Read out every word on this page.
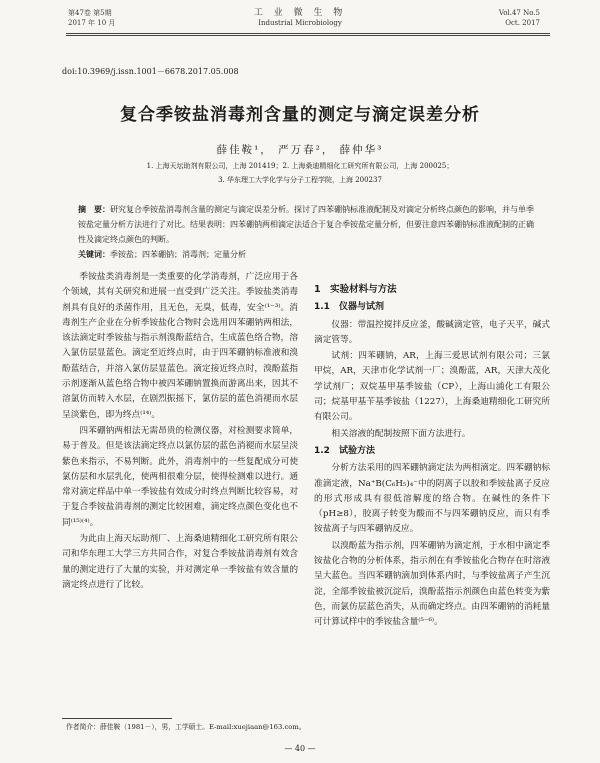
第47卷 第5期
2017 年 10 月
工 业 微 生 物
Industrial Microbiology
Vol.47 No.5
Oct. 2017
doi:10.3969/j.issn.1001－6678.2017.05.008
复合季铵盐消毒剂含量的测定与滴定误差分析
薛佳鞍¹， 严万春²， 薛仲华³
1. 上海天坛助剂有限公司，上海 201419；2. 上海桑迪精细化工研究所有限公司，上海 200025；
3. 华东理工大学化学与分子工程学院，上海 200237
摘　要：研究复合季铵盐消毒剂含量的测定与滴定误差分析。探讨了四苯硼钠标准液配制及对滴定分析终点颜色的影响，并与单季铵盐定量分析方法进行了对比。结果表明：四苯硼钠两相滴定法适合于复合季铵盐定量分析，但要注意四苯硼钠标准液配制的正确性及滴定终点颜色的判断。
关键词：季铵盐；四苯硼钠；消毒剂；定量分析

季铵盐类消毒剂是一类重要的化学消毒剂，广泛应用于各个领域，其有关研究和进展一直受到广泛关注。季铵盐类消毒剂具有良好的杀菌作用，且无色，无臭，低毒，安全⁽¹⁻³⁾。消毒剂生产企业在分析季铵盐化合物时会选用四苯硼钠两相法，该法滴定时季铵盐与指示剂溴酚蓝结合，生成蓝色络合物，溶入氯仿层显蓝色。滴定至近终点时，由于四苯硼钠标准液和溴酚蓝结合，并溶入氯仿层显蓝色。滴定接近终点时，溴酚蓝指示剂逐渐从蓝色络合物中被四苯硼钠置换而游离出来，因其不溶氯仿而转入水层，在剧烈振摇下，氯仿层的蓝色消褪而水层呈淡紫色，即为终点⁽¹⁴⁾。

四苯硼钠两相法无需昂贵的检测仪器，对检测要求简单，易于普及。但是该法滴定终点以氯仿层的蓝色消褪而水层呈淡紫色来指示，不易判断。此外，消毒剂中的一些复配成分可使氯仿层和水层乳化，使两相很难分层，使得检测难以进行。通常对滴定样品中单一季铵盐有效成分时终点判断比较容易，对于复合季铵盐消毒剂的测定比较困难，滴定终点颜色变化也不同⁽¹⁵⁾⁽⁴⁾。

为此由上海天坛助剂厂、上海桑迪精细化工研究所有限公司和华东理工大学三方共同合作，对复合季铵盐消毒剂有效含量的测定进行了大量的实验，并对测定单一季铵盐有效含量的滴定终点进行了比较。

1　实验材料与方法
1.1　仪器与试剂

仪器：带温控搅拌反应釜，酸碱滴定管，电子天平，碱式滴定管等。

试剂：四苯硼钠，AR，上海三爱思试剂有限公司；三氯甲烷，AR，天津市化学试剂一厂；溴酚蓝，AR，天津大茂化学试剂厂；双烷基甲基季铵盐（CP），上海山浦化工有限公司；烷基甲基苄基季铵盐（1227），上海桑迪精细化工研究所有限公司。

相关溶液的配制按照下面方法进行。

1.2　试验方法

分析方法采用的四苯硼钠滴定法为两相滴定。四苯硼钠标准滴定液，Na⁺B(C₆H₅)₄⁻中的阴离子以胶和季铵盐离子反应的形式形成具有很低溶解度的络合物。在碱性的条件下（pH≥8），胶离子转变为酸而不与四苯硼钠反应，而只有季铵盐离子与四苯硼钠反应。

以溴酚蓝为指示剂，四苯硼钠为滴定剂，于水相中滴定季铵盐化合物的分析体系，指示剂在有季铵盐化合物存在时溶液呈大蓝色。当四苯硼钠滴加到体系内时，与季铵盐离子产生沉淀，全部季铵盐被沉淀后，溴酚蓝指示剂颜色由蓝色转变为紫色，而氯仿层蓝色消失，从而确定终点。由四苯硼钠的消耗量可计算试样中的季铵盐含量⁽⁵⁻⁶⁾。

作者简介：薛佳鞍（1981－），男，工学硕士。E-mail:xuejiaan@163.com。
— 40 —
